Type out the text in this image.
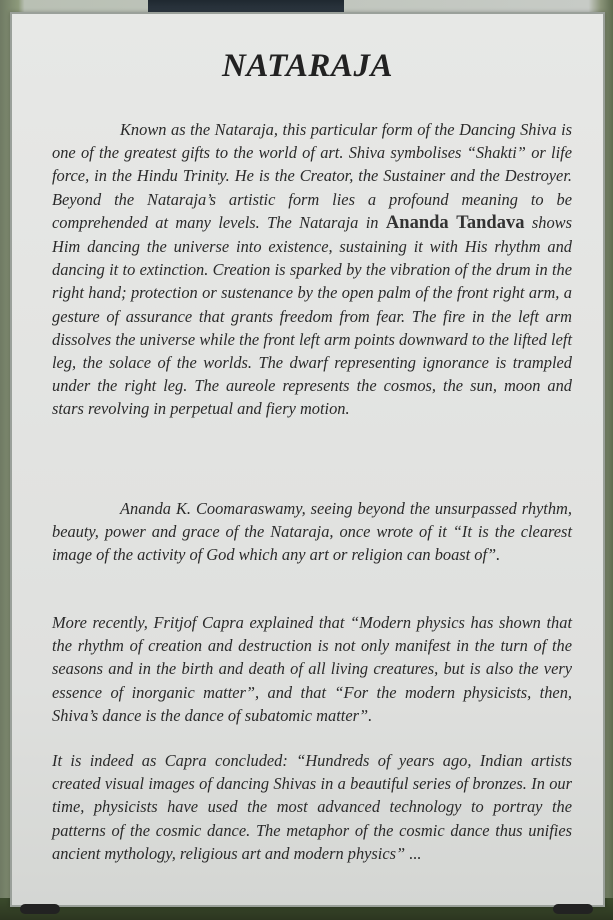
NATARAJA

Known as the Nataraja, this particular form of the Dancing Shiva is one of the greatest gifts to the world of art. Shiva symbolises “Shakti” or life force, in the Hindu Trinity. He is the Creator, the Sustainer and the Destroyer. Beyond the Nataraja’s artistic form lies a profound meaning to be comprehended at many levels. The Nataraja in Ananda Tandava shows Him dancing the universe into existence, sustaining it with His rhythm and dancing it to extinction. Creation is sparked by the vibration of the drum in the right hand; protection or sustenance by the open palm of the front right arm, a gesture of assurance that grants freedom from fear. The fire in the left arm dissolves the universe while the front left arm points downward to the lifted left leg, the solace of the worlds. The dwarf representing ignorance is trampled under the right leg. The aureole represents the cosmos, the sun, moon and stars revolving in perpetual and fiery motion.

Ananda K. Coomaraswamy, seeing beyond the unsurpassed rhythm, beauty, power and grace of the Nataraja, once wrote of it “It is the clearest image of the activity of God which any art or religion can boast of”.

More recently, Fritjof Capra explained that “Modern physics has shown that the rhythm of creation and destruction is not only manifest in the turn of the seasons and in the birth and death of all living creatures, but is also the very essence of inorganic matter”, and that “For the modern physicists, then, Shiva’s dance is the dance of subatomic matter”.

It is indeed as Capra concluded: “Hundreds of years ago, Indian artists created visual images of dancing Shivas in a beautiful series of bronzes. In our time, physicists have used the most advanced technology to portray the patterns of the cosmic dance. The metaphor of the cosmic dance thus unifies ancient mythology, religious art and modern physics” ...
